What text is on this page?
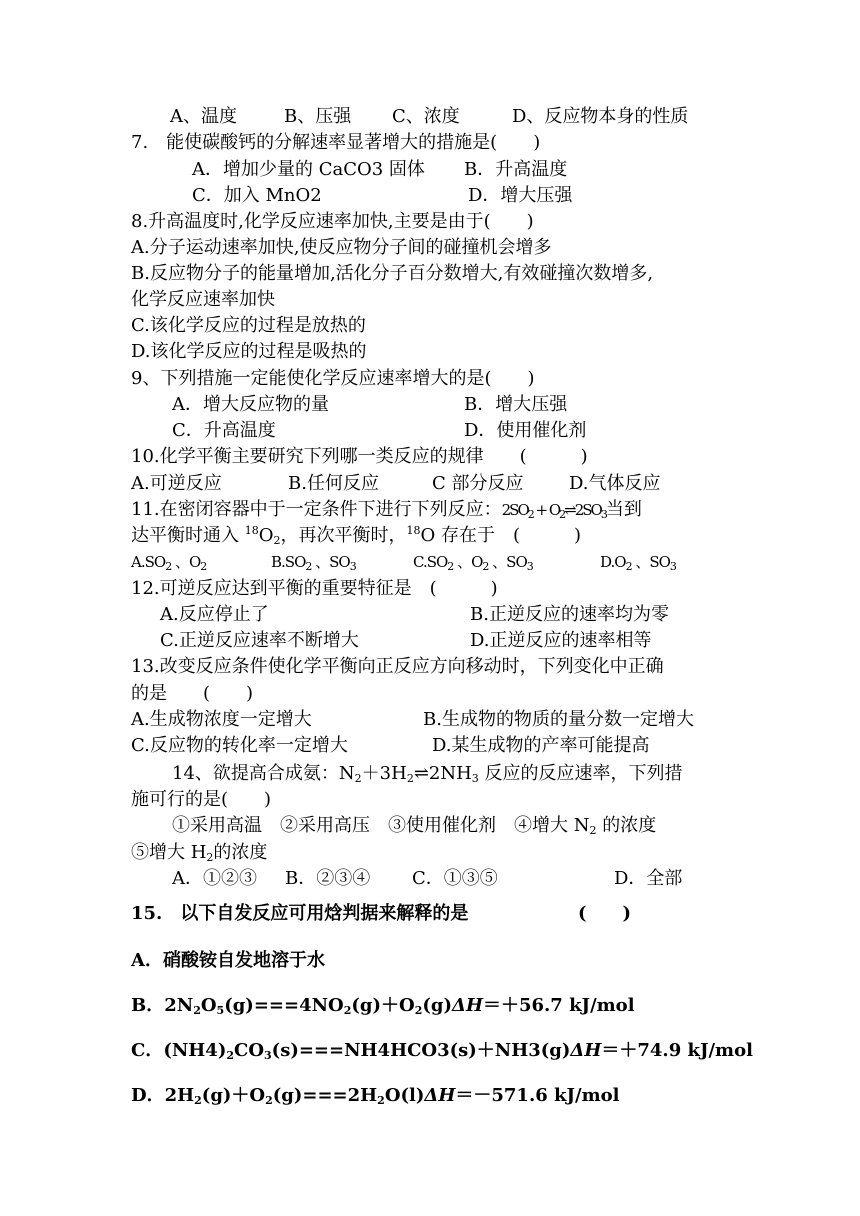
A、温度	B、压强 C、浓度	D、反应物本身的性质
7.　能使碳酸钙的分解速率显著增大的措施是(　　)
A．增加少量的 CaCO3 固体 B．升高温度
C．加入 MnO2	D．增大压强
8.升高温度时,化学反应速率加快,主要是由于(　　)
A.分子运动速率加快,使反应物分子间的碰撞机会增多
B.反应物分子的能量增加,活化分子百分数增大,有效碰撞次数增多,
化学反应速率加快
C.该化学反应的过程是放热的
D.该化学反应的过程是吸热的
9、下列措施一定能使化学反应速率增大的是(　　)
A．增大反应物的量	B．增大压强
C．升高温度	D．使用催化剂
10.化学平衡主要研究下列哪一类反应的规律　　(　　　)
A.可逆反应	B.任何反应	C 部分反应	D.气体反应
11.在密闭容器中于一定条件下进行下列反应：$2SO_2$ + $O_2\rightleftharpoons 2SO_3$当到
达平衡时通入 $^{18}O_2$，再次平衡时，$^{18}$O 存在于　(　　　)
$A.SO_2$ 、$O_2$	$B.SO_2$ 、$SO_3$	$C.SO_2$ 、$O_2$ 、$SO_3$	$D.O_2$ 、$SO_3$
12.可逆反应达到平衡的重要特征是　(　　　)
A.反应停止了	B.正逆反应的速率均为零
C.正逆反应速率不断增大	D.正逆反应的速率相等
13.改变反应条件使化学平衡向正反应方向移动时，下列变化中正确
的是　　(　　)
A.生成物浓度一定增大	B.生成物的物质的量分数一定增大
C.反应物的转化率一定增大	D.某生成物的产率可能提高
14、欲提高合成氨：$N_2+3H_2\rightleftharpoons 2NH_3$ 反应的反应速率，下列措
施可行的是(　　)
①采用高温　②采用高压　③使用催化剂　④增大 $N_2$ 的浓度
⑤增大 $H_2$的浓度
A．①②③ B．②③④ C．①③⑤	D．全部
15.　以下自发反应可用焓判据来解释的是	(　　)
A．硝酸铵自发地溶于水
B．$2N_2O_5(g)===4NO_2(g)+O_2(g)\Delta H=+56.7$ kJ/mol
C．$(NH4)_2CO_3(s)===NH4HCO3(s)+NH3(g)\Delta H=+74.9$ kJ/mol
D．$2H_2(g)+O_2(g)===2H_2O(l)\Delta H=-571.6$ kJ/mol
